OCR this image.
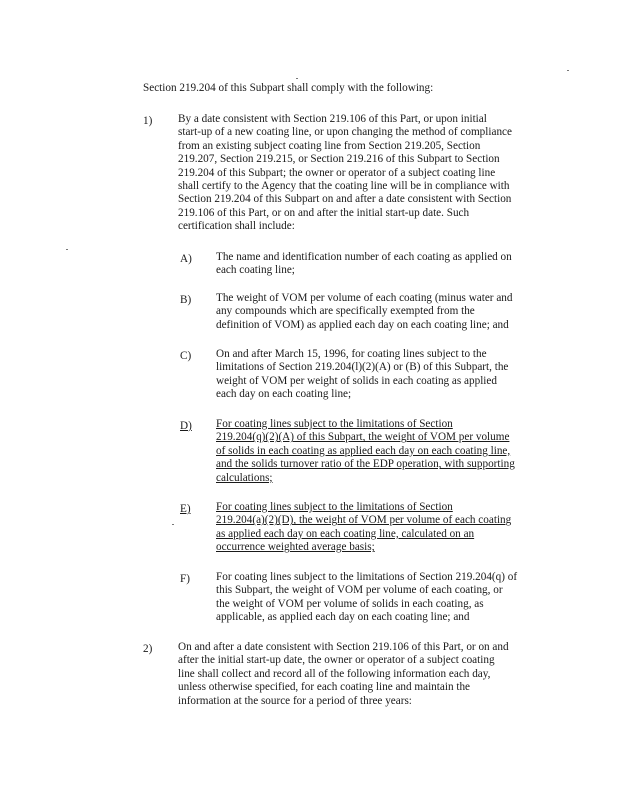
Section 219.204 of this Subpart shall comply with the following:
1) By a date consistent with Section 219.106 of this Part, or upon initial
start-up of a new coating line, or upon changing the method of compliance
from an existing subject coating line from Section 219.205, Section
219.207, Section 219.215, or Section 219.216 of this Subpart to Section
219.204 of this Subpart; the owner or operator of a subject coating line
shall certify to the Agency that the coating line will be in compliance with
Section 219.204 of this Subpart on and after a date consistent with Section
219.106 of this Part, or on and after the initial start-up date. Such
certification shall include:
A) The name and identification number of each coating as applied on
each coating line;
B) The weight of VOM per volume of each coating (minus water and
any compounds which are specifically exempted from the
definition of VOM) as applied each day on each coating line; and
C) On and after March 15, 1996, for coating lines subject to the
limitations of Section 219.204(l)(2)(A) or (B) of this Subpart, the
weight of VOM per weight of solids in each coating as applied
each day on each coating line;
D) For coating lines subject to the limitations of Section
219.204(q)(2)(A) of this Subpart, the weight of VOM per volume
of solids in each coating as applied each day on each coating line,
and the solids turnover ratio of the EDP operation, with supporting
calculations;
E) For coating lines subject to the limitations of Section
219.204(a)(2)(D), the weight of VOM per volume of each coating
as applied each day on each coating line, calculated on an
occurrence weighted average basis;
F) For coating lines subject to the limitations of Section 219.204(q) of
this Subpart, the weight of VOM per volume of each coating, or
the weight of VOM per volume of solids in each coating, as
applicable, as applied each day on each coating line; and
2) On and after a date consistent with Section 219.106 of this Part, or on and
after the initial start-up date, the owner or operator of a subject coating
line shall collect and record all of the following information each day,
unless otherwise specified, for each coating line and maintain the
information at the source for a period of three years:
